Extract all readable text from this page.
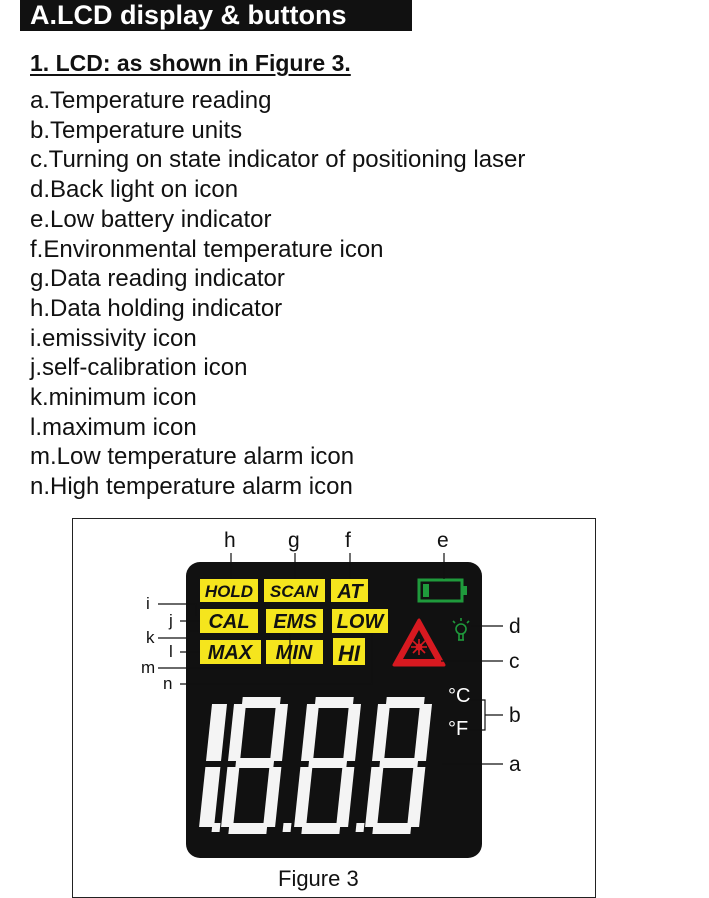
A.LCD display & buttons
1. LCD: as shown in Figure 3.
a.Temperature reading
b.Temperature units
c.Turning on state indicator of positioning laser
d.Back light on icon
e.Low battery indicator
f.Environmental temperature icon
g.Data reading indicator
h.Data holding indicator
i.emissivity icon
j.self-calibration icon
k.minimum icon
l.maximum icon
m.Low temperature alarm icon
n.High temperature alarm icon
HOLD SCAN AT
CAL EMS LOW
MAX MIN HI
°C
°F
h g f	e
i
j
k
l
m
n
d
c
b
a
Figure 3
